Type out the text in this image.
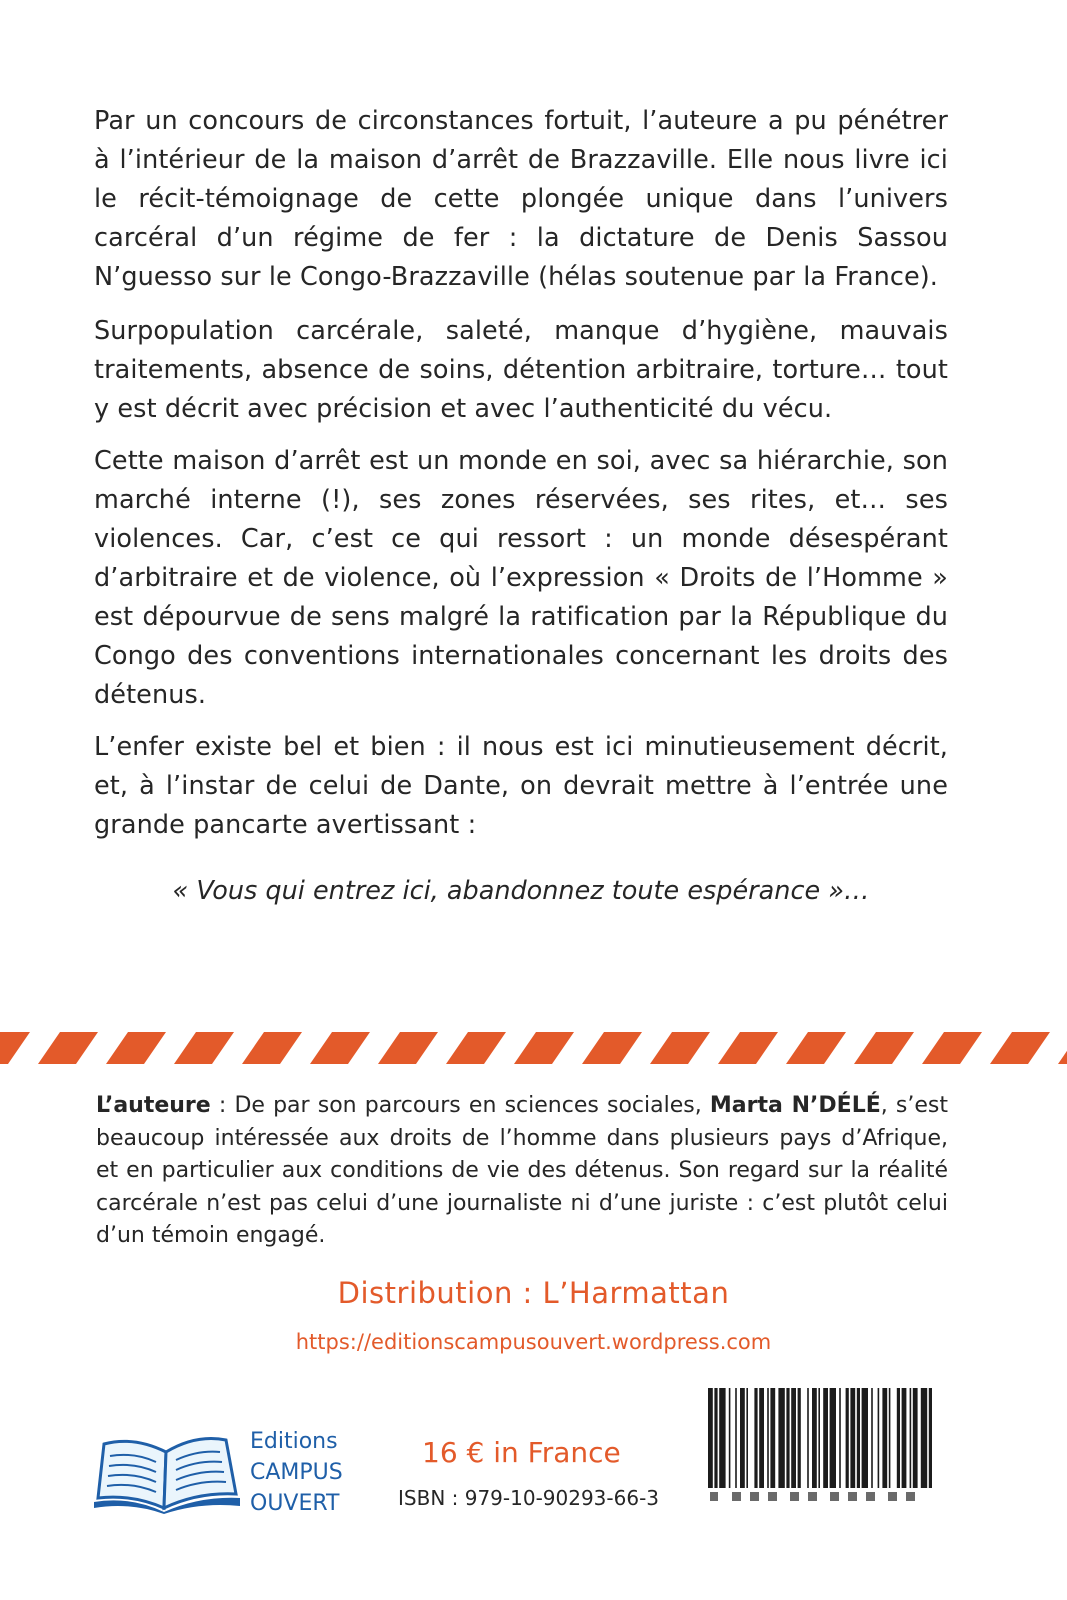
Par un concours de circonstances fortuit, l’auteure a pu pénétrer à l’intérieur de la maison d’arrêt de Brazzaville. Elle nous livre ici le récit-témoignage de cette plongée unique dans l’univers carcéral d’un régime de fer : la dictature de Denis Sassou N’guesso sur le Congo-Brazzaville (hélas soutenue par la France).

Surpopulation carcérale, saleté, manque d’hygiène, mauvais traitements, absence de soins, détention arbitraire, torture… tout y est décrit avec précision et avec l’authenticité du vécu.

Cette maison d’arrêt est un monde en soi, avec sa hiérarchie, son marché interne (!), ses zones réservées, ses rites, et… ses violences. Car, c’est ce qui ressort : un monde désespérant d’arbitraire et de violence, où l’expression « Droits de l’Homme » est dépourvue de sens malgré la ratification par la République du Congo des conventions internationales concernant les droits des détenus.

L’enfer existe bel et bien : il nous est ici minutieusement décrit, et, à l’instar de celui de Dante, on devrait mettre à l’entrée une grande pancarte avertissant :

« Vous qui entrez ici, abandonnez toute espérance »…

L’auteure : De par son parcours en sciences sociales, Marta N’DÉLÉ, s’est beaucoup intéressée aux droits de l’homme dans plusieurs pays d’Afrique, et en particulier aux conditions de vie des détenus. Son regard sur la réalité carcérale n’est pas celui d’une journaliste ni d’une juriste : c’est plutôt celui d’un témoin engagé.

Distribution : L’Harmattan
https://editionscampusouvert.wordpress.com
Editions
CAMPUS
OUVERT
16 € in France
ISBN : 979-10-90293-66-3
